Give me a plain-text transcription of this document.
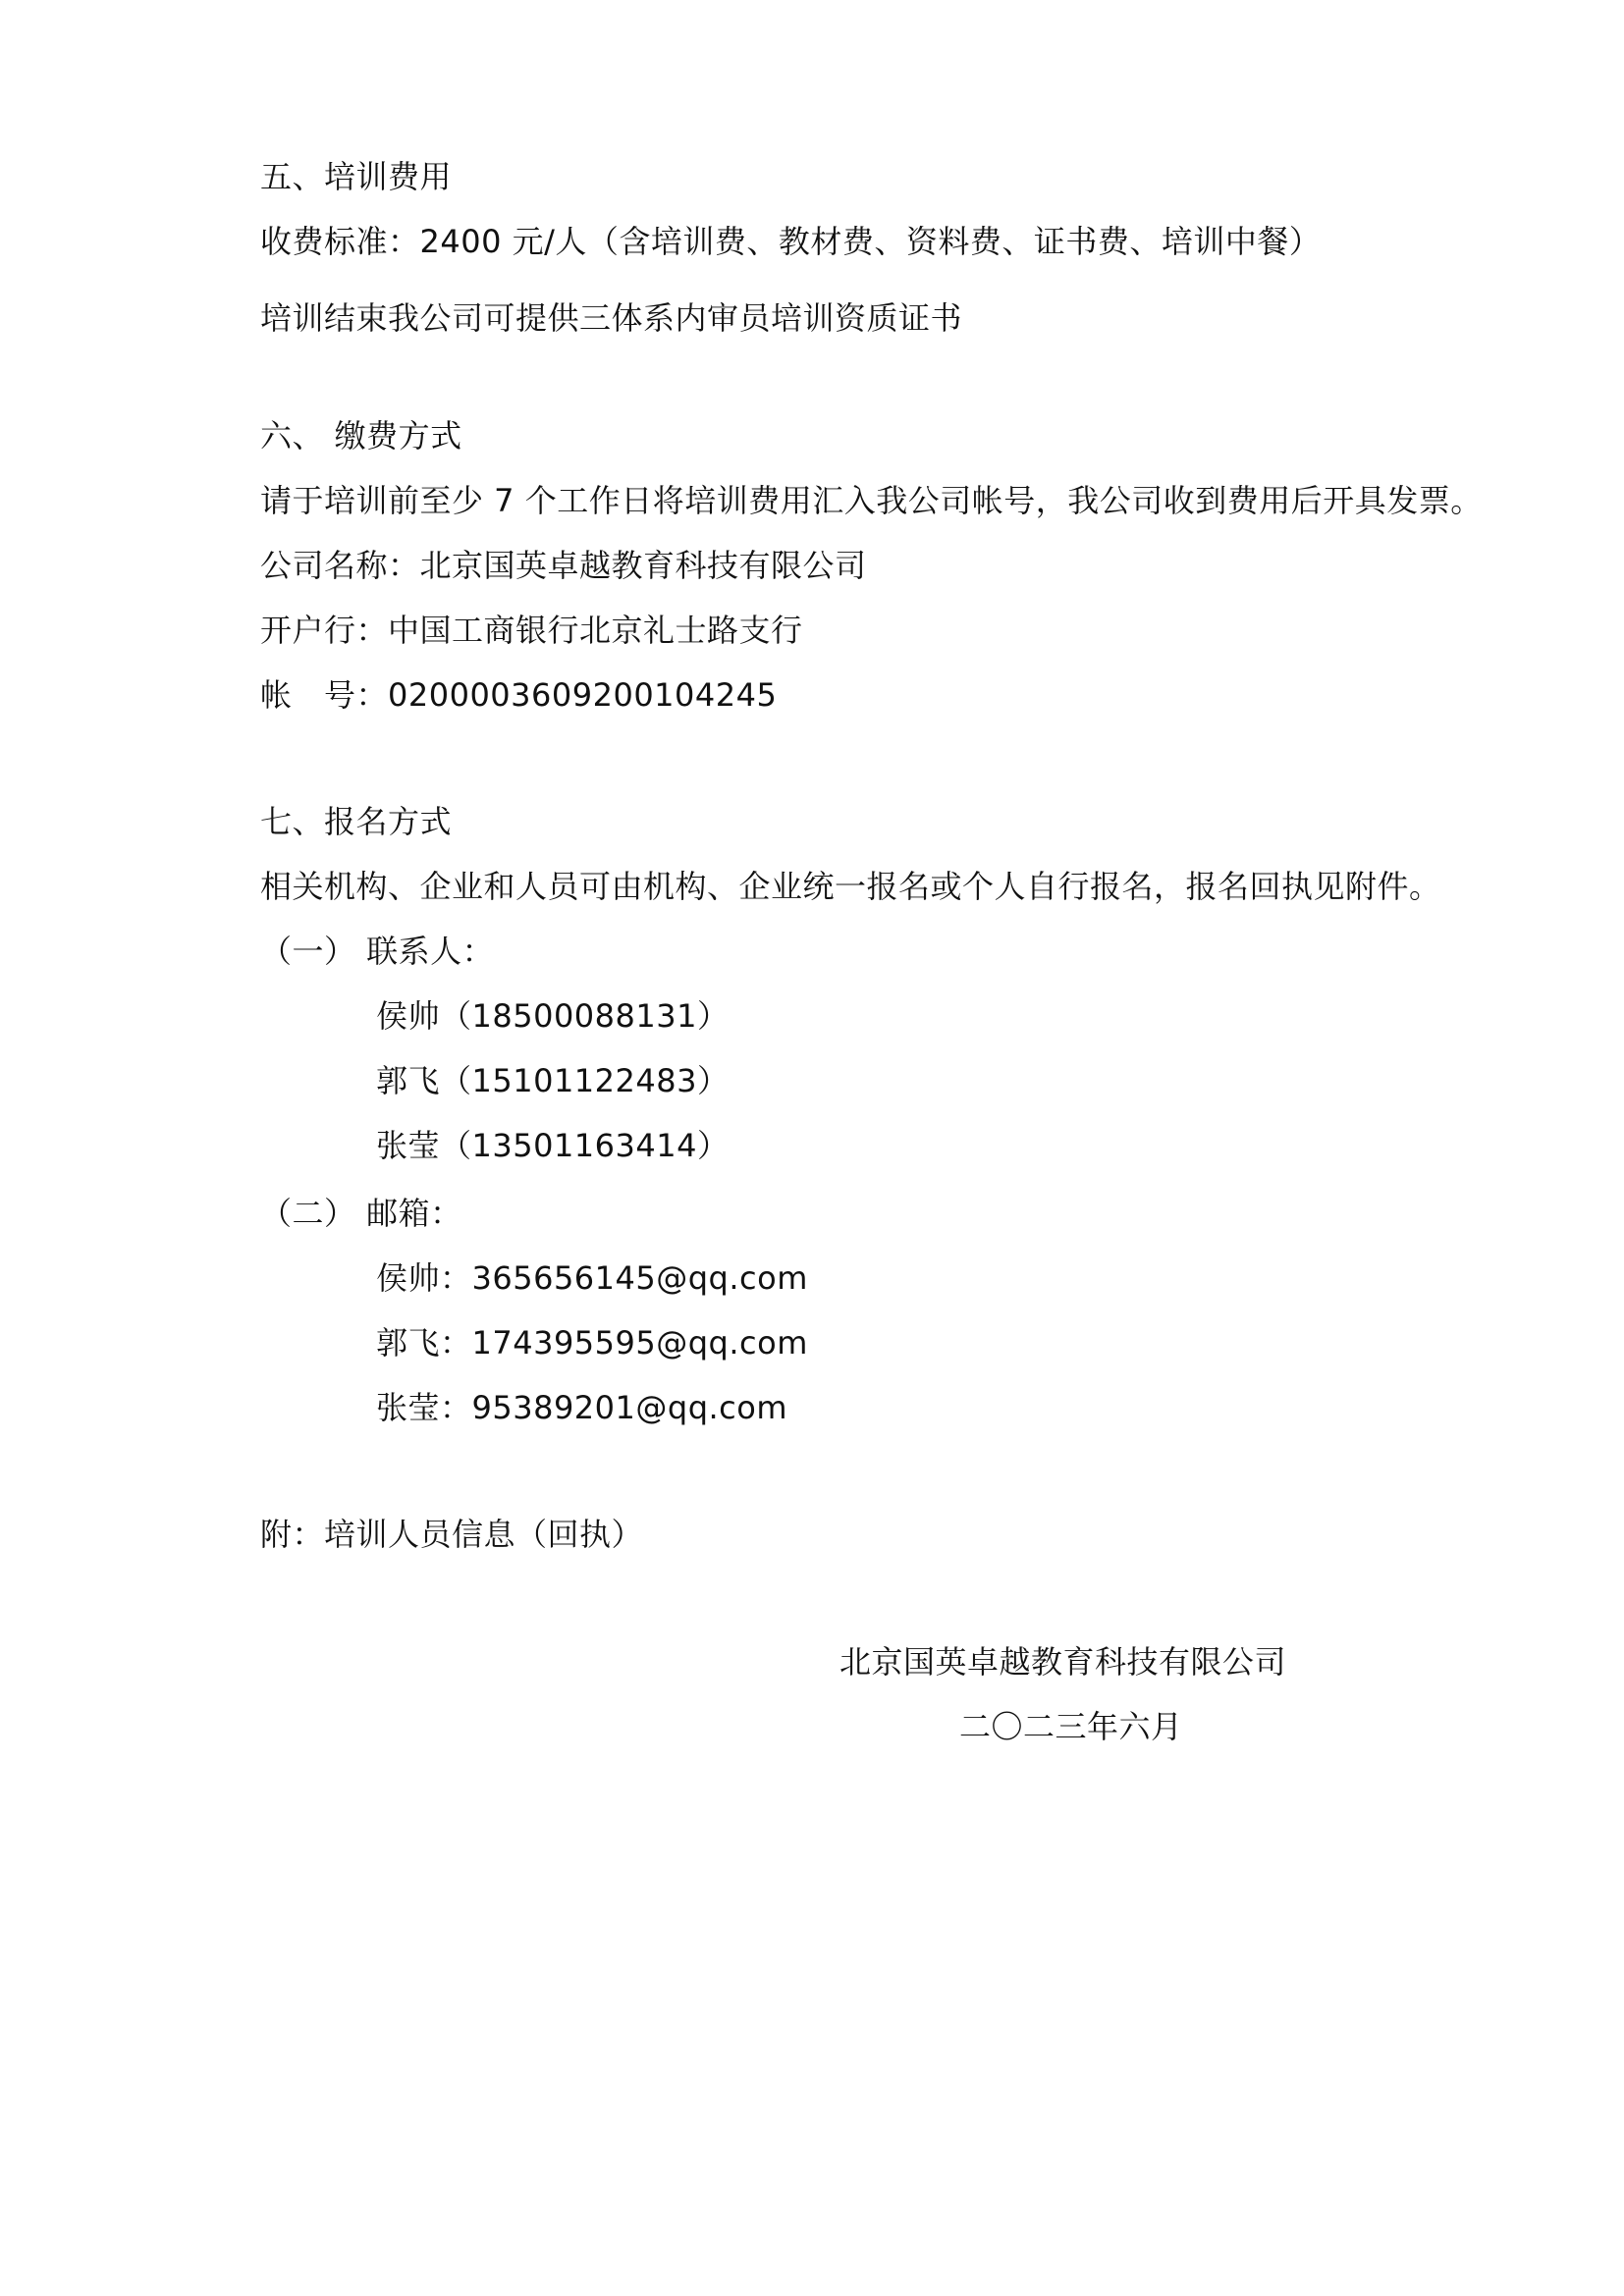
五、培训费用
收费标准：2400 元/人（含培训费、教材费、资料费、证书费、培训中餐）
培训结束我公司可提供三体系内审员培训资质证书
六、 缴费方式
请于培训前至少 7 个工作日将培训费用汇入我公司帐号，我公司收到费用后开具发票。
公司名称：北京国英卓越教育科技有限公司
开户行：中国工商银行北京礼士路支行
帐　号：0200003609200104245
七、报名方式
相关机构、企业和人员可由机构、企业统一报名或个人自行报名，报名回执见附件。
（一） 联系人：
侯帅（18500088131）
郭飞（15101122483）
张莹（13501163414）
（二） 邮箱：
侯帅：365656145@qq.com
郭飞：174395595@qq.com
张莹：95389201@qq.com
附：培训人员信息（回执）
北京国英卓越教育科技有限公司
二〇二三年六月
